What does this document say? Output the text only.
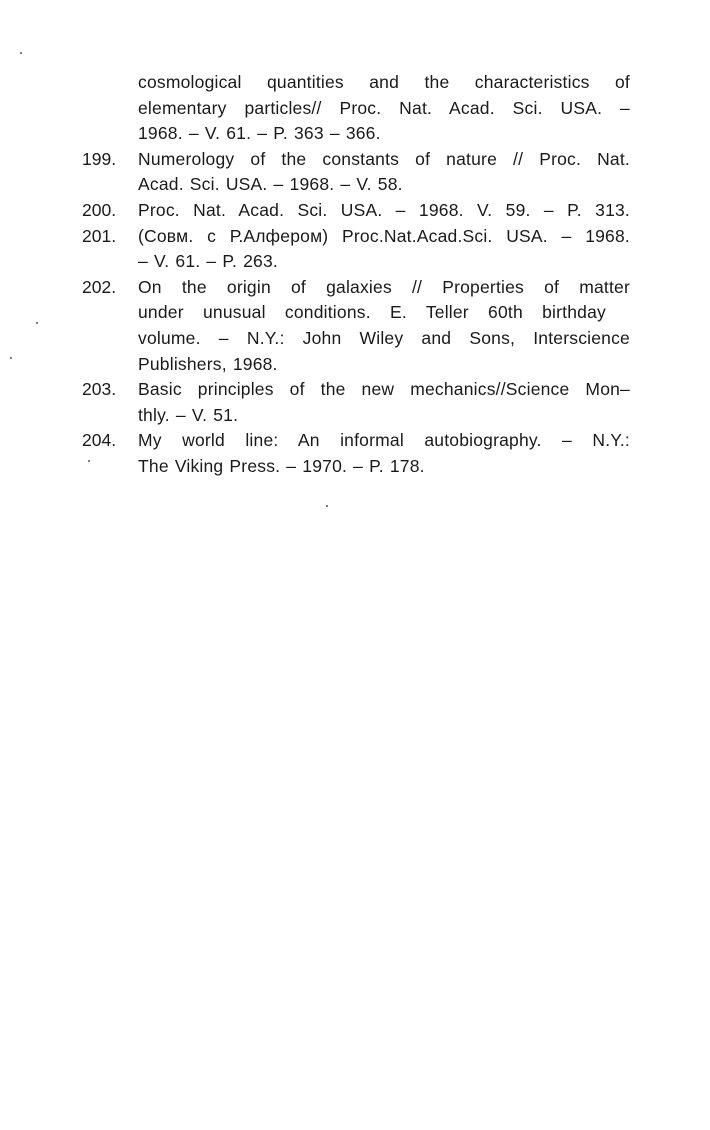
cosmological quantities and the characteristics of
elementary particles// Proc. Nat. Acad. Sci. USA. –
1968. – V. 61. – P. 363 – 366.
199.	Numerology of the constants of nature // Proc. Nat.
Acad. Sci. USA. – 1968. – V. 58.
200.	Proc. Nat. Acad. Sci. USA. – 1968. V. 59. – P. 313.
201.	(Совм. с Р.Алфером) Proc.Nat.Acad.Sci. USA. – 1968.
– V. 61. – P. 263.
202.	On the origin of galaxies // Properties of matter
under unusual conditions. E. Teller 60th birthday
volume. – N.Y.: John Wiley and Sons, Interscience
Publishers, 1968.
203.	Basic principles of the new mechanics//Science Mon–
thly. – V. 51.
204.	My world line: An informal autobiography. – N.Y.:
The Viking Press. – 1970. – P. 178.
